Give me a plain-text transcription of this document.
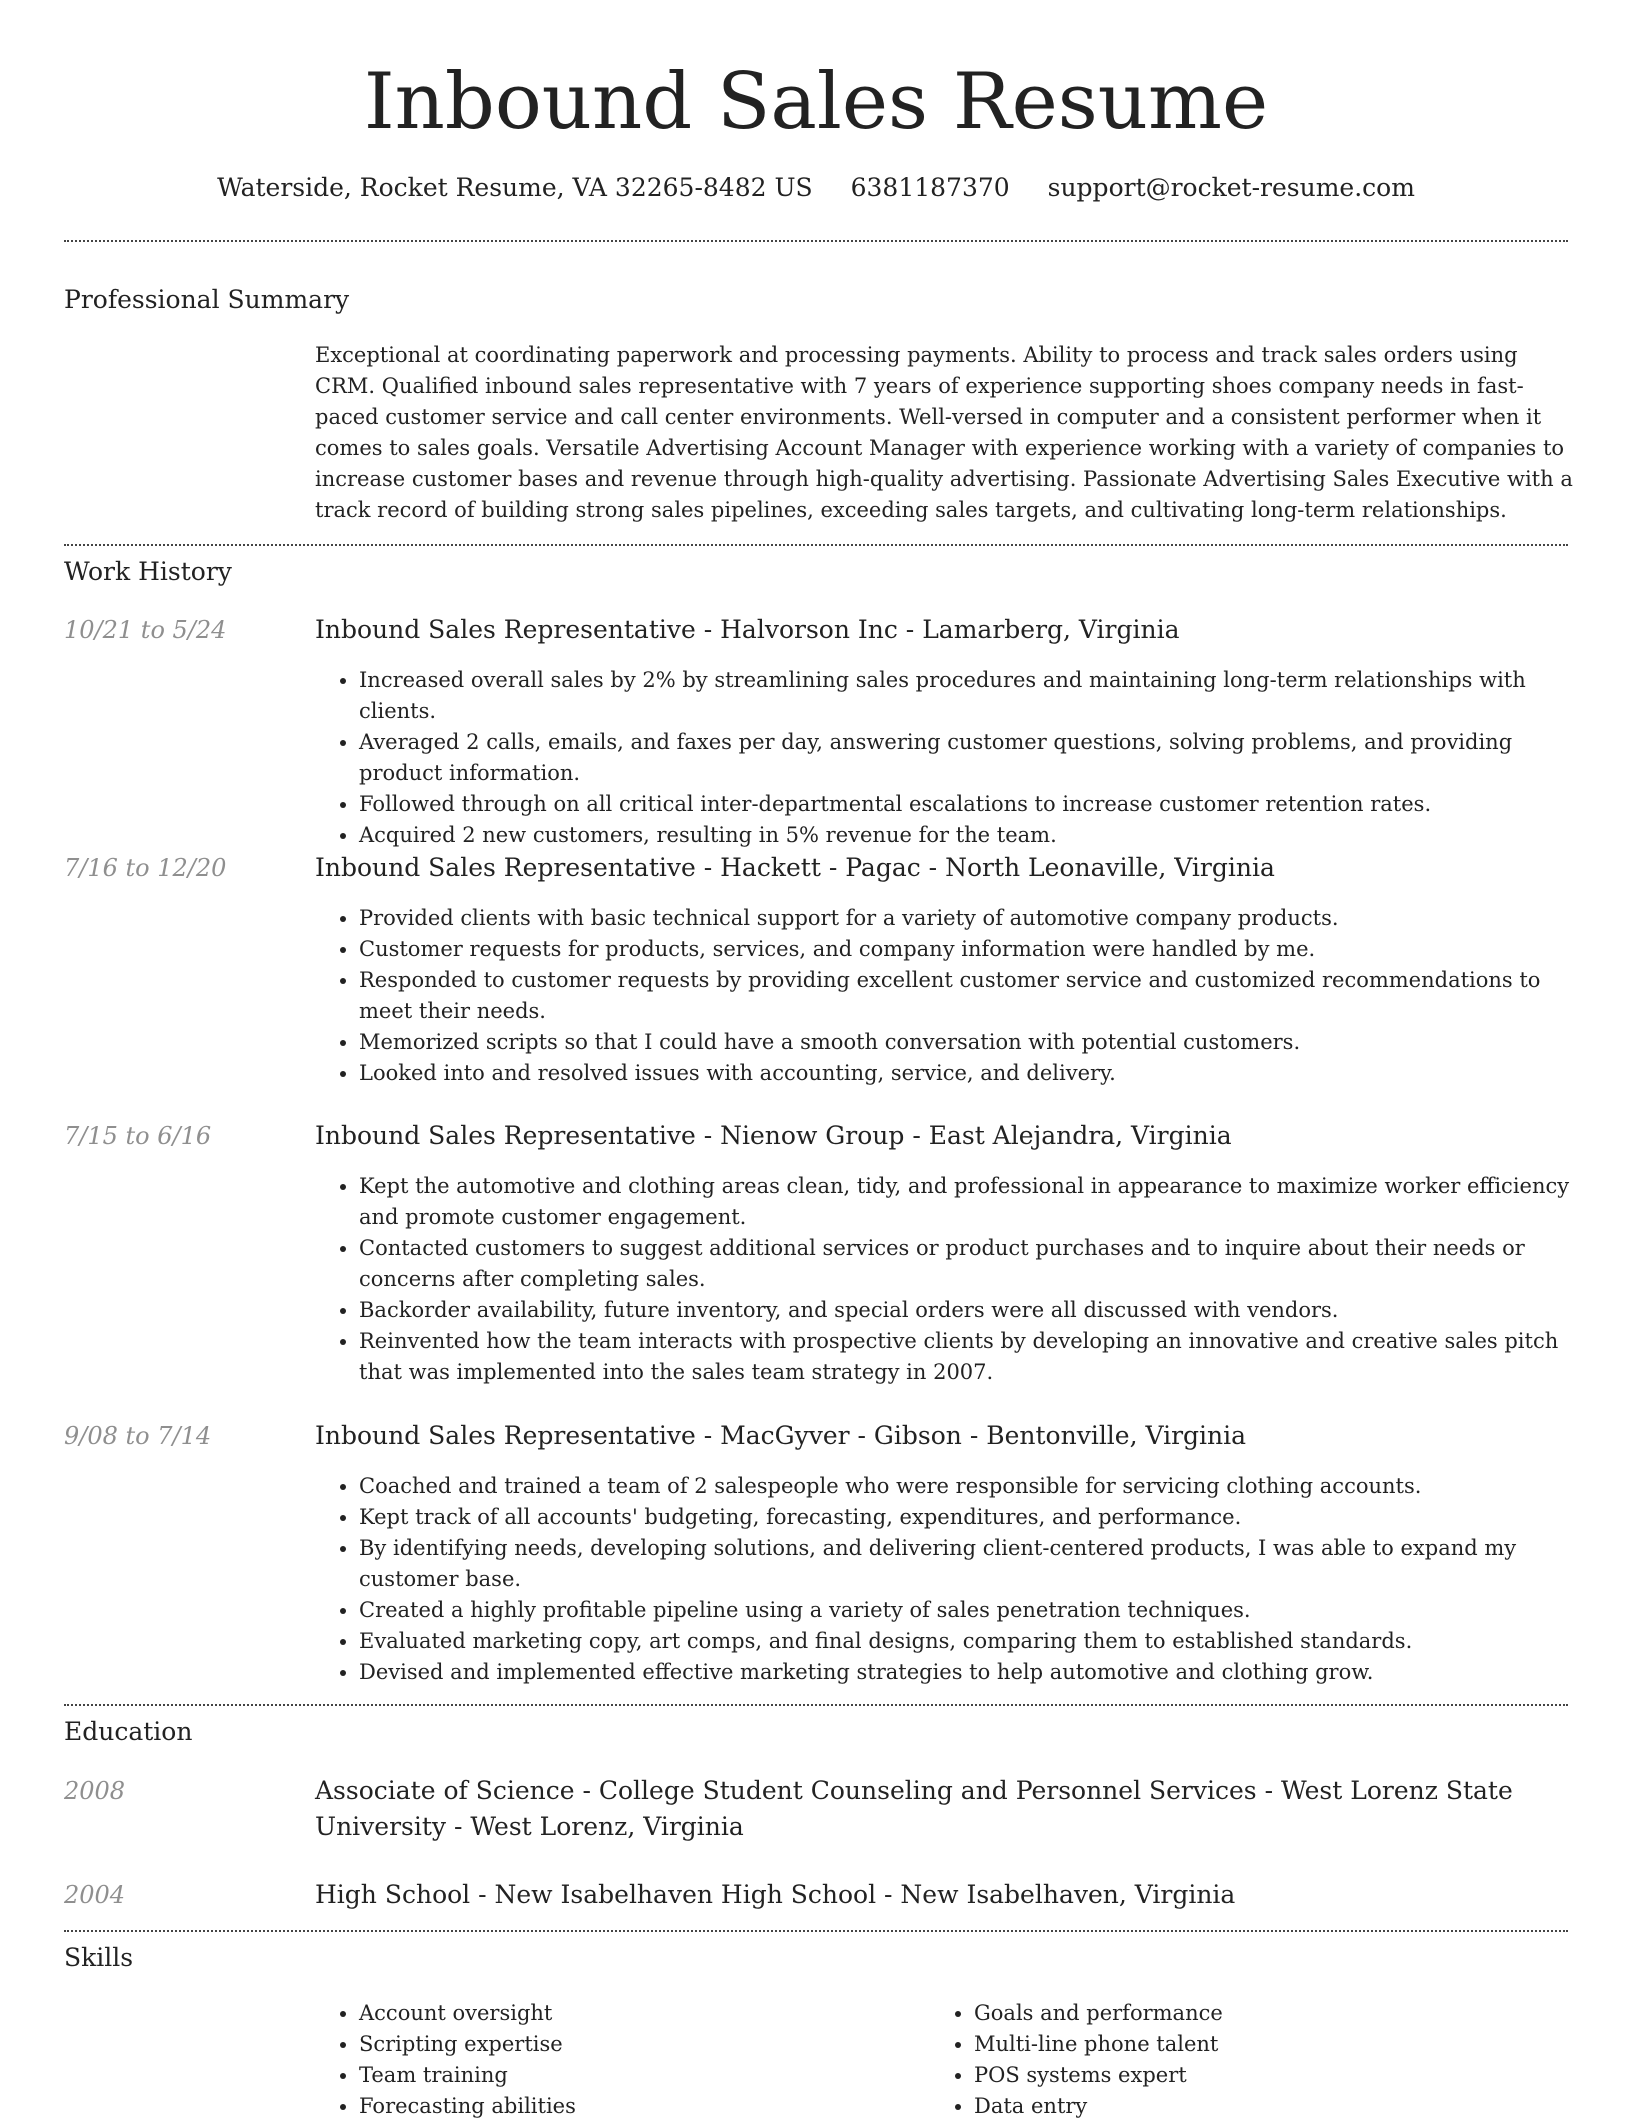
Inbound Sales Resume
Waterside, Rocket Resume, VA 32265-8482 US 6381187370 support@rocket-resume.com
Professional Summary
Exceptional at coordinating paperwork and processing payments. Ability to process and track sales orders using CRM. Qualified inbound sales representative with 7 years of experience supporting shoes company needs in fast-paced customer service and call center environments. Well-versed in computer and a consistent performer when it comes to sales goals. Versatile Advertising Account Manager with experience working with a variety of companies to increase customer bases and revenue through high-quality advertising. Passionate Advertising Sales Executive with a track record of building strong sales pipelines, exceeding sales targets, and cultivating long-term relationships.
Work History
10/21 to 5/24	Inbound Sales Representative - Halvorson Inc - Lamarberg, Virginia
• Increased overall sales by 2% by streamlining sales procedures and maintaining long-term relationships with clients.
• Averaged 2 calls, emails, and faxes per day, answering customer questions, solving problems, and providing product information.
• Followed through on all critical inter-departmental escalations to increase customer retention rates.
• Acquired 2 new customers, resulting in 5% revenue for the team.
7/16 to 12/20	Inbound Sales Representative - Hackett - Pagac - North Leonaville, Virginia
• Provided clients with basic technical support for a variety of automotive company products.
• Customer requests for products, services, and company information were handled by me.
• Responded to customer requests by providing excellent customer service and customized recommendations to meet their needs.
• Memorized scripts so that I could have a smooth conversation with potential customers.
• Looked into and resolved issues with accounting, service, and delivery.
7/15 to 6/16	Inbound Sales Representative - Nienow Group - East Alejandra, Virginia
• Kept the automotive and clothing areas clean, tidy, and professional in appearance to maximize worker efficiency and promote customer engagement.
• Contacted customers to suggest additional services or product purchases and to inquire about their needs or concerns after completing sales.
• Backorder availability, future inventory, and special orders were all discussed with vendors.
• Reinvented how the team interacts with prospective clients by developing an innovative and creative sales pitch that was implemented into the sales team strategy in 2007.
9/08 to 7/14	Inbound Sales Representative - MacGyver - Gibson - Bentonville, Virginia
• Coached and trained a team of 2 salespeople who were responsible for servicing clothing accounts.
• Kept track of all accounts' budgeting, forecasting, expenditures, and performance.
• By identifying needs, developing solutions, and delivering client-centered products, I was able to expand my customer base.
• Created a highly profitable pipeline using a variety of sales penetration techniques.
• Evaluated marketing copy, art comps, and final designs, comparing them to established standards.
• Devised and implemented effective marketing strategies to help automotive and clothing grow.
Education
2008	Associate of Science - College Student Counseling and Personnel Services - West Lorenz State University - West Lorenz, Virginia
2004	High School - New Isabelhaven High School - New Isabelhaven, Virginia
Skills
• Account oversight
• Scripting expertise
• Team training
• Forecasting abilities
• Goals and performance
• Multi-line phone talent
• POS systems expert
• Data entry
